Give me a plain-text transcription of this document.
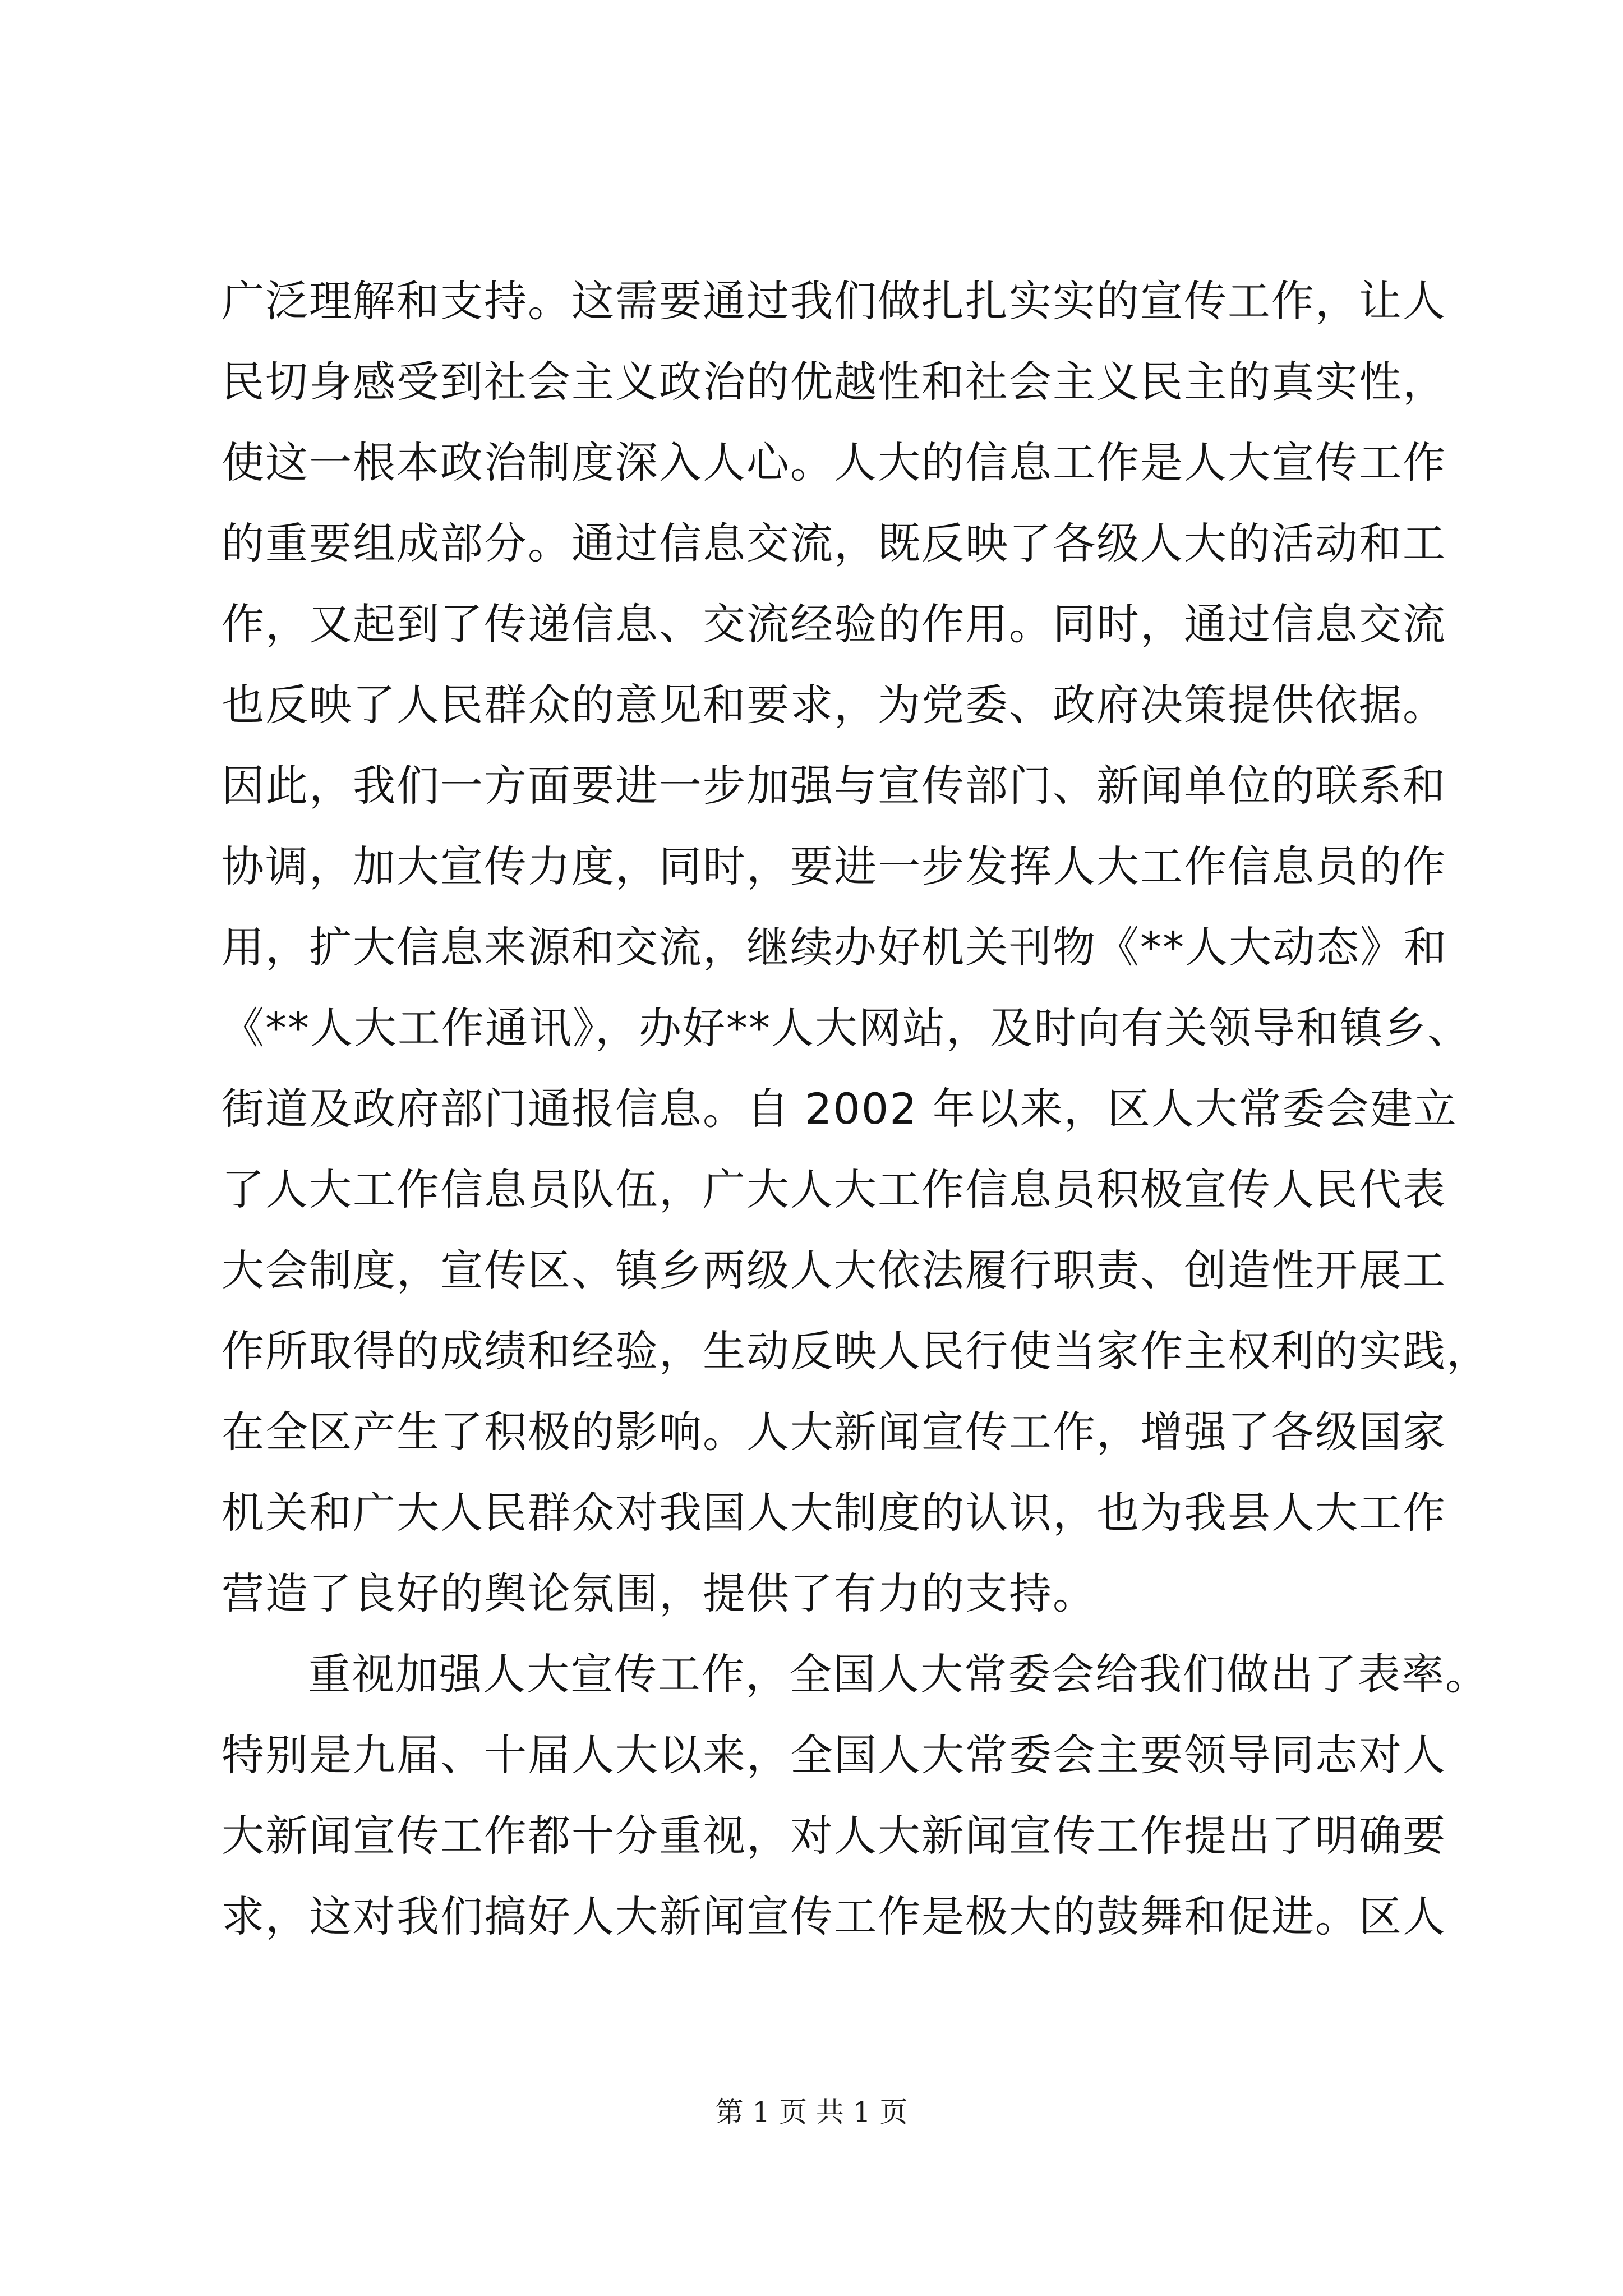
广泛理解和支持。这需要通过我们做扎扎实实的宣传工作，让人
民切身感受到社会主义政治的优越性和社会主义民主的真实性，
使这一根本政治制度深入人心。人大的信息工作是人大宣传工作
的重要组成部分。通过信息交流，既反映了各级人大的活动和工
作，又起到了传递信息、交流经验的作用。同时，通过信息交流
也反映了人民群众的意见和要求，为党委、政府决策提供依据。
因此，我们一方面要进一步加强与宣传部门、新闻单位的联系和
协调，加大宣传力度，同时，要进一步发挥人大工作信息员的作
用，扩大信息来源和交流，继续办好机关刊物《**人大动态》和
《**人大工作通讯》，办好**人大网站，及时向有关领导和镇乡、
街道及政府部门通报信息。自 2002 年以来，区人大常委会建立
了人大工作信息员队伍，广大人大工作信息员积极宣传人民代表
大会制度，宣传区、镇乡两级人大依法履行职责、创造性开展工
作所取得的成绩和经验，生动反映人民行使当家作主权利的实践，
在全区产生了积极的影响。人大新闻宣传工作，增强了各级国家
机关和广大人民群众对我国人大制度的认识，也为我县人大工作
营造了良好的舆论氛围，提供了有力的支持。
重视加强人大宣传工作，全国人大常委会给我们做出了表率。
特别是九届、十届人大以来，全国人大常委会主要领导同志对人
大新闻宣传工作都十分重视，对人大新闻宣传工作提出了明确要
求，这对我们搞好人大新闻宣传工作是极大的鼓舞和促进。区人
第 1 页 共 1 页
